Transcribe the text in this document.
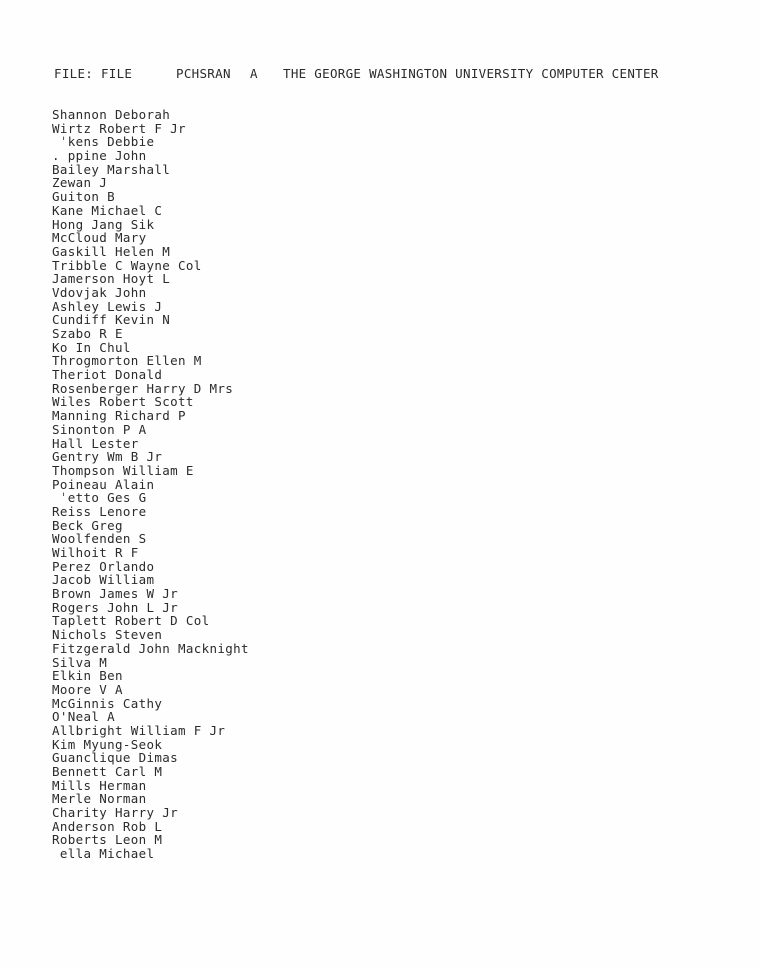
FILE: FILE

	PCHSRAN

A

THE GEORGE WASHINGTON UNIVERSITY COMPUTER CENTER

Shannon Deborah
Wirtz Robert F Jr
ˈkens Debbie
. ppine John
Bailey Marshall
Zewan J
Guiton B
Kane Michael C
Hong Jang Sik
McCloud Mary
Gaskill Helen M
Tribble C Wayne Col
Jamerson Hoyt L
Vdovjak John
Ashley Lewis J
Cundiff Kevin N
Szabo R E
Ko In Chul
Throgmorton Ellen M
Theriot Donald
Rosenberger Harry D Mrs
Wiles Robert Scott
Manning Richard P
Sinonton P A
Hall Lester
Gentry Wm B Jr
Thompson William E
Poineau Alain
ˈetto Ges G
Reiss Lenore
Beck Greg
Woolfenden S
Wilhoit R F
Perez Orlando
Jacob William
Brown James W Jr
Rogers John L Jr
Taplett Robert D Col
Nichols Steven
Fitzgerald John Macknight
Silva M
Elkin Ben
Moore V A
McGinnis Cathy
O'Neal A
Allbright William F Jr
Kim Myung-Seok
Guanclique Dimas
Bennett Carl M
Mills Herman
Merle Norman
Charity Harry Jr
Anderson Rob L
Roberts Leon M
ella Michael
